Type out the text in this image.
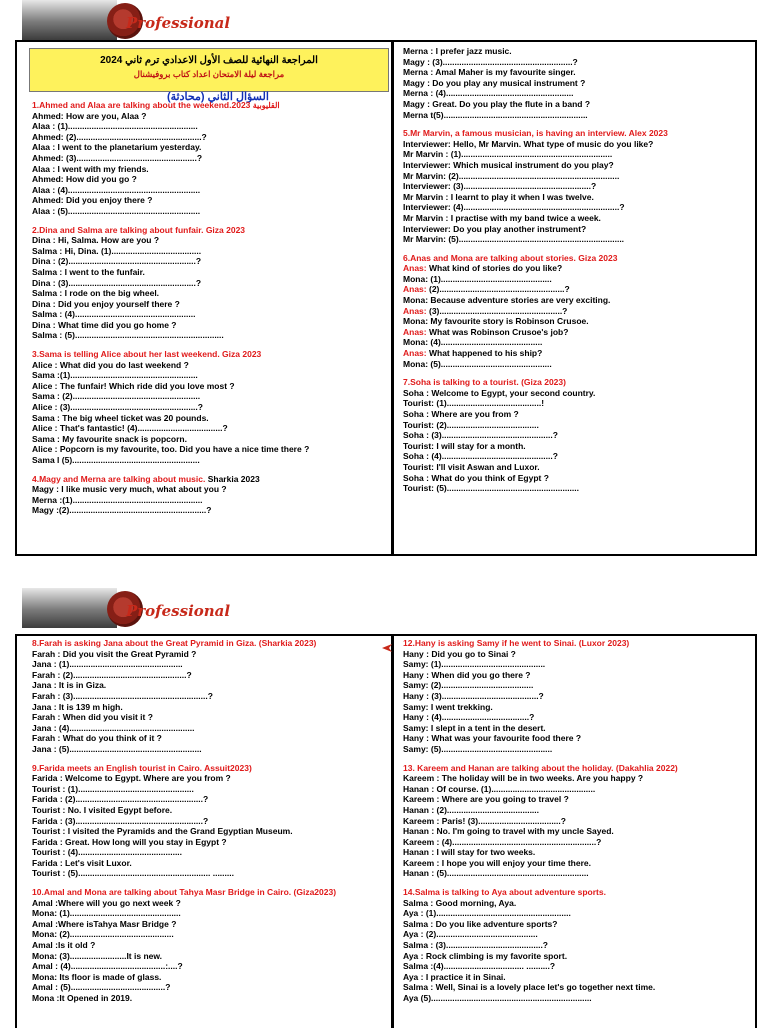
Professional
المراجعة النهائية للصف الأول الاعدادي ترم ثاني 2024
مراجعة ليلة الامتحان اعداد كتاب بروفيشنال
السؤال الثاني (محادثة)
1.Ahmed and Alaa are talking about the weekend.2023 القليوبية
Ahmed: How are you, Alaa ?
Alaa : (1).......................................................
Ahmed: (2).....................................................?
Alaa : I went to the planetarium yesterday.
Ahmed: (3)...................................................?
Alaa : I went with my friends.
Ahmed: How did you go ?
Alaa : (4)........................................................
Ahmed: Did you enjoy there ?
Alaa : (5)........................................................
2.Dina and Salma are talking about funfair. Giza 2023
Dina : Hi, Salma. How are you ?
Salma : Hi, Dina. (1)......................................
Dina : (2)......................................................?
Salma : I went to the funfair.
Dina : (3)......................................................?
Salma : I rode on the big wheel.
Dina : Did you enjoy yourself there ?
Salma : (4)...................................................
Dina : What time did you go home ?
Salma : (5)...............................................................
3.Sama is telling Alice about her last weekend. Giza 2023
Alice : What did you do last weekend ?
Sama :(1)......................................................
Alice : The funfair! Which ride did you love most ?
Sama : (2)......................................................
Alice : (3)......................................................?
Sama : The big wheel ticket was 20 pounds.
Alice : That's fantastic! (4)....................................?
Sama : My favourite snack is popcorn.
Alice : Popcorn is my favourite, too. Did you have a nice time there ?
Sama l (5)......................................................
4.Magy and Merna are talking about music. Sharkia 2023
Magy : I like music very much, what about you ?
Merna :(1).......................................................
Magy :(2)..........................................................?
Merna : I prefer jazz music.
Magy : (3).......................................................?
Merna : Amal Maher is my favourite singer.
Magy : Do you play any musical instrument ?
Merna : (4)......................................................
Magy : Great. Do you play the flute in a band ?
Merna t(5).............................................................
5.Mr Marvin, a famous musician, is having an interview. Alex 2023
Interviewer: Hello, Mr Marvin. What type of music do you like?
Mr Marvin : (1)................................................................
Interviewer: Which musical instrument do you play?
Mr Marvin: (2)....................................................................
Interviewer: (3)......................................................?
Mr Marvin : I learnt to play it when I was twelve.
Interviewer: (4)..................................................................?
Mr Marvin : I practise with my band twice a week.
Interviewer: Do you play another instrument?
Mr Marvin: (5)......................................................................
6.Anas and Mona are talking about stories. Giza 2023
Anas: What kind of stories do you like?
Mona: (1)...............................................
Anas: (2).....................................................?
Mona: Because adventure stories are very exciting.
Anas: (3)....................................................?
Mona: My favourite story is Robinson Crusoe.
Anas: What was Robinson Crusoe's job?
Mona: (4)...........................................
Anas: What happened to his ship?
Mona: (5)...............................................
7.Soha is talking to a tourist. (Giza 2023)
Soha : Welcome to Egypt, your second country.
Tourist: (1)........................................!
Soha : Where are you from ?
Tourist: (2).......................................
Soha : (3)...............................................?
Tourist: I will stay for a month.
Soha : (4)...............................................?
Tourist: I'll visit Aswan and Luxor.
Soha : What do you think of Egypt ?
Tourist: (5)........................................................
Professional
8.Farah is asking Jana about the Great Pyramid in Giza. (Sharkia 2023)
Farah : Did you visit the Great Pyramid ?
Jana : (1)................................................
Farah : (2)................................................?
Jana : It is in Giza.
Farah : (3).........................................................?
Jana : It is 139 m high.
Farah : When did you visit it ?
Jana : (4).....................................................
Farah : What do you think of it ?
Jana : (5)........................................................
9.Farida meets an English tourist in Cairo. Assuit2023)
Farida : Welcome to Egypt. Where are you from ?
Tourist : (1).................................................
Farida : (2)......................................................?
Tourist : No. I visited Egypt before.
Farida : (3)......................................................?
Tourist : I visited the Pyramids and the Grand Egyptian Museum.
Farida : Great. How long will you stay in Egypt ?
Tourist : (4)............................................
Farida : Let's visit Luxor.
Tourist : (5)........................................................ .........
10.Amal and Mona are talking about Tahya Masr Bridge in Cairo. (Giza2023)
Amal :Where will you go next week ?
Mona: (1)...............................................
Amal :Where isTahya Masr Bridge ?
Mona: (2)............................................
Amal :Is it old ?
Mona: (3)........................It is new.
Amal : (4)........................................:....?
Mona: Its floor is made of glass.
Amal : (5)........................................?
Mona :It Opened in 2019.
12.Hany is asking Samy if he went to Sinai. (Luxor 2023)
Hany : Did you go to Sinai ?
Samy: (1)............................................
Hany : When did you go there ?
Samy: (2).......................................
Hany : (3).........................................?
Samy: I went trekking.
Hany : (4).....................................?
Samy: I slept in a tent in the desert.
Hany : What was your favourite food there ?
Samy: (5)...............................................
13. Kareem and Hanan are talking about the holiday. (Dakahlia 2022)
Kareem : The holiday will be in two weeks. Are you happy ?
Hanan : Of course. (1)............................................
Kareem : Where are you going to travel ?
Hanan : (2).......................................
Kareem : Paris! (3)...................................?
Hanan : No. I'm going to travel with my uncle Sayed.
Kareem : (4).............................................................?
Hanan : I will stay for two weeks.
Kareem : I hope you will enjoy your time there.
Hanan : (5)............................................................
14.Salma is talking to Aya about adventure sports.
Salma : Good morning, Aya.
Aya : (1).........................................................
Salma : Do you like adventure sports?
Aya : (2)...........................................
Salma : (3).........................................?
Aya : Rock climbing is my favorite sport.
Salma :(4).................................. ..........?
Aya : I practice it in Sinai.
Salma : Well, Sinai is a lovely place let's go together next time.
Aya (5)....................................................................
